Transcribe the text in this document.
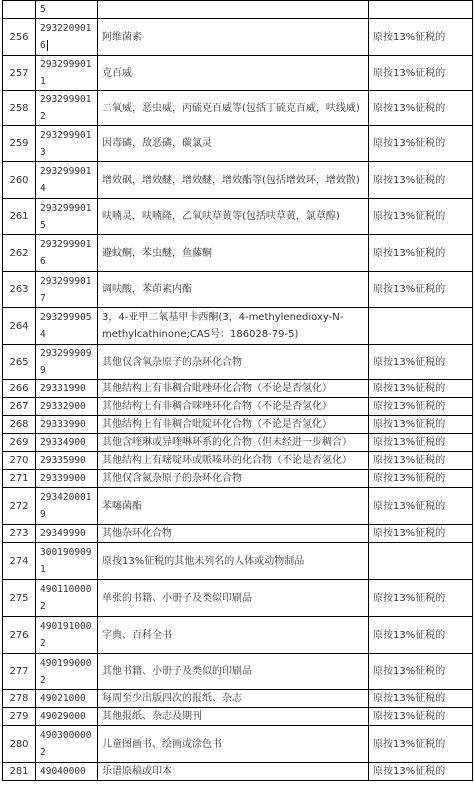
	5		
256	2932209016	阿维菌素	原按13%征税的
257	2932999011	克百威	原按13%征税的
258	2932999012	二氧威，恶虫威，丙硫克百威等(包括丁硫克百威，呋线威)	原按13%征税的
259	2932999013	因毒磷，敌恶磷，碳氯灵	原按13%征税的
260	2932999014	增效砜，增效醚，增效醚，增效酯等(包括增效环，增效散)	原按13%征税的
261	2932999015	呋喃灵，呋喃隆，乙氧呋草黄等(包括呋草黄，氯草醇)	原按13%征税的
262	2932999016	避蚊酮，苯虫醚，鱼藤酮	原按13%征税的
263	2932999017	调呋酸，苯茚素内酯	原按13%征税的
264	2932999054	3，4-亚甲二氧基甲卡西酮(3，4-methylenedioxy-N-methylcathinone;CAS号：186028-79-5)	
265	2932999099	其他仅含氧杂原子的杂环化合物	原按13%征税的
266	29331990	其他结构上有非稠合吡唑环化合物（不论是否氢化）	原按13%征税的
267	29332900	其他结构上有非稠合咪唑环化合物（不论是否氢化）	原按13%征税的
268	29333990	其他结构上有非稠合吡啶环化合物（不论是否氢化）	原按13%征税的
269	29334900	其他含喹琳或异喹啉环系的化合物（但未经进一步稠合）	原按13%征税的
270	29335990	其他结构上有嘧啶环或哌嗪环的化合物（不论是否氢化）	原按13%征税的
271	29339900	其他仅含氮杂原子的杂环化合物	原按13%征税的
272	2934200019	苯噻菌酯	原按13%征税的
273	29349990	其他杂环化合物	原按13%征税的
274	3001909091	原按13%征税的其他未列名的人体或动物制品	
275	4901100002	单张的书籍、小册子及类似印刷品	原按13%征税的
276	4901910002	字典、百科全书	原按13%征税的
277	4901990002	其他书籍、小册子及类似的印刷品	原按13%征税的
278	49021000	每周至少出版四次的报纸、杂志	原按13%征税的
279	49029000	其他报纸、杂志及期刊	原按13%征税的
280	4903000002	儿童图画书、绘画或涂色书	原按13%征税的
281	49040000	乐谱原稿或印本	原按13%征税的
